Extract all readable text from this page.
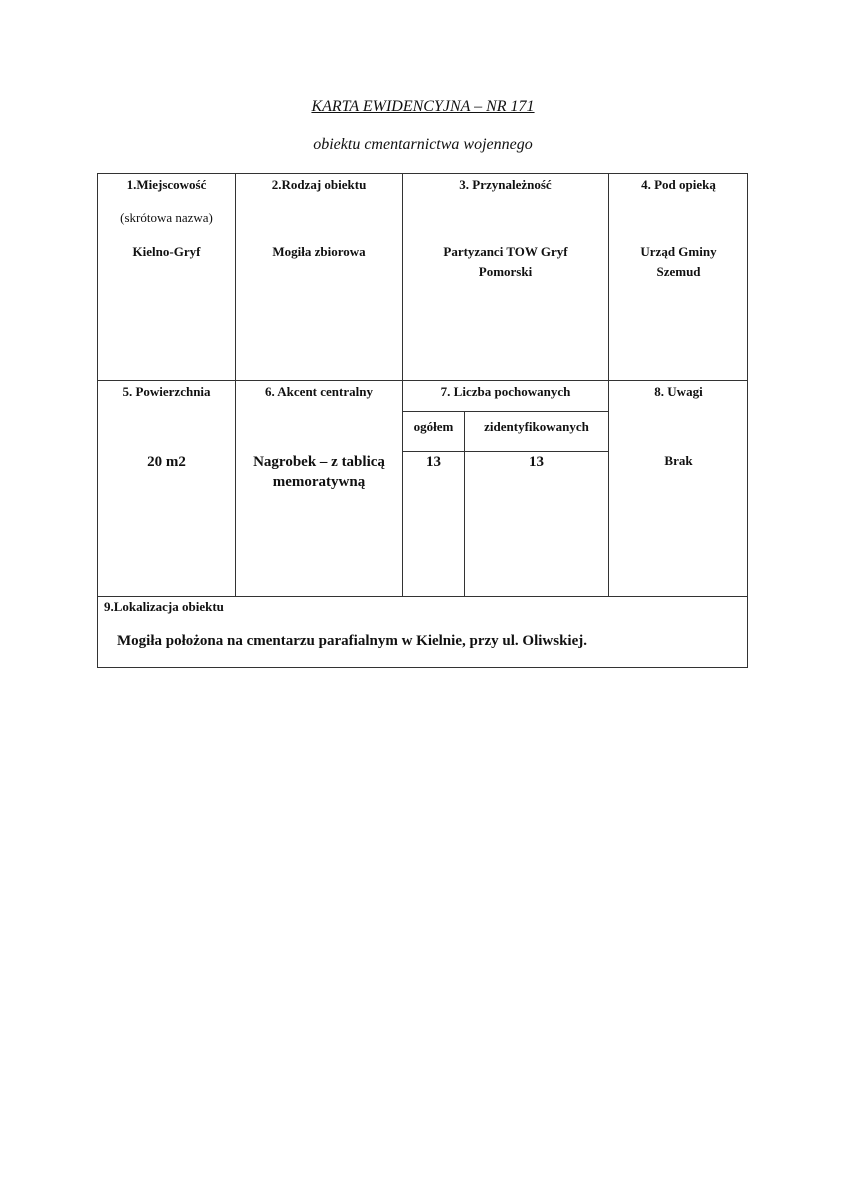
KARTA EWIDENCYJNA – NR 171
obiektu cmentarnictwa wojennego
1.Miejscowość
(skrótowa nazwa)
Kielno-Gryf
2.Rodzaj obiektu
Mogiła zbiorowa
3. Przynależność
Partyzanci TOW Gryf Pomorski
4. Pod opieką
Urząd Gminy Szemud
5. Powierzchnia
20 m2
6. Akcent centralny
Nagrobek – z tablicą memoratywną
7. Liczba pochowanych
ogółem	zidentyfikowanych
13	13
8. Uwagi
Brak
9.Lokalizacja obiektu
Mogiła położona na cmentarzu parafialnym w Kielnie, przy ul. Oliwskiej.
